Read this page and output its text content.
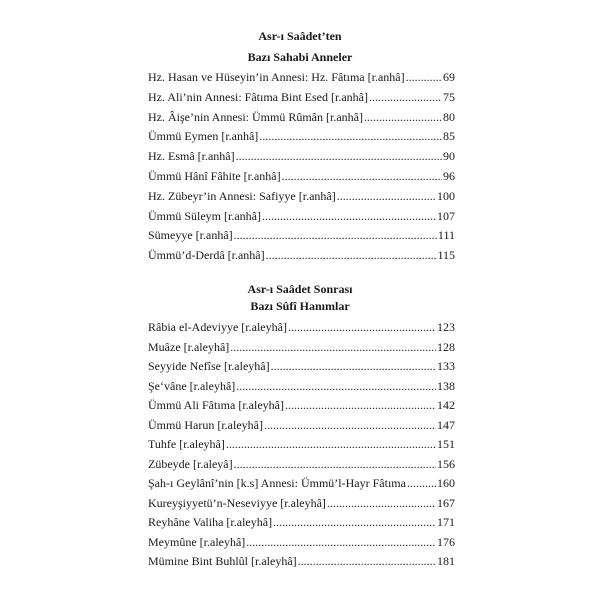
Asr-ı Saâdet’ten
Bazı Sahabi Anneler
Hz. Hasan ve Hüseyin’in Annesi: Hz. Fâtıma [r.anhâ] .....	69
Hz. Ali’nin Annesi: Fâtıma Bint Esed [r.anhâ] .....	75
Hz. Âişe’nin Annesi: Ümmü Rûmân [r.anhâ] .....	80
Ümmü Eymen [r.anhâ] .....	85
Hz. Esmâ [r.anhâ] .....	90
Ümmü Hânî Fâhite [r.anhâ] .....	96
Hz. Zübeyr’in Annesi: Safiyye [r.anhâ] .....	100
Ümmü Süleym [r.anhâ] .....	107
Sümeyye [r.anhâ] .....	111
Ümmü’d-Derdâ [r.anhâ] .....	115
Asr-ı Saâdet Sonrası
Bazı Sûfî Hanımlar
Râbia el-Adeviyye [r.aleyhâ] .....	123
Muâze [r.aleyhâ] .....	128
Seyyide Nefîse [r.aleyhâ] .....	133
Şe‘vâne [r.aleyhâ] .....	138
Ümmü Ali Fâtıma [r.aleyhâ] .....	142
Ümmü Harun [r.aleyhâ] .....	147
Tuhfe [r.aleyhâ] .....	151
Zübeyde [r.aleyâ] .....	156
Şah-ı Geylânî’nin [k.s] Annesi: Ümmü’l-Hayr Fâtıma .....	160
Kureyşiyyetü’n-Neseviyye [r.aleyhâ] .....	167
Reyhâne Valiha [r.aleyhâ] .....	171
Meymûne [r.aleyhâ] .....	176
Mümine Bint Buhlûl [r.aleyhâ] .....	181
